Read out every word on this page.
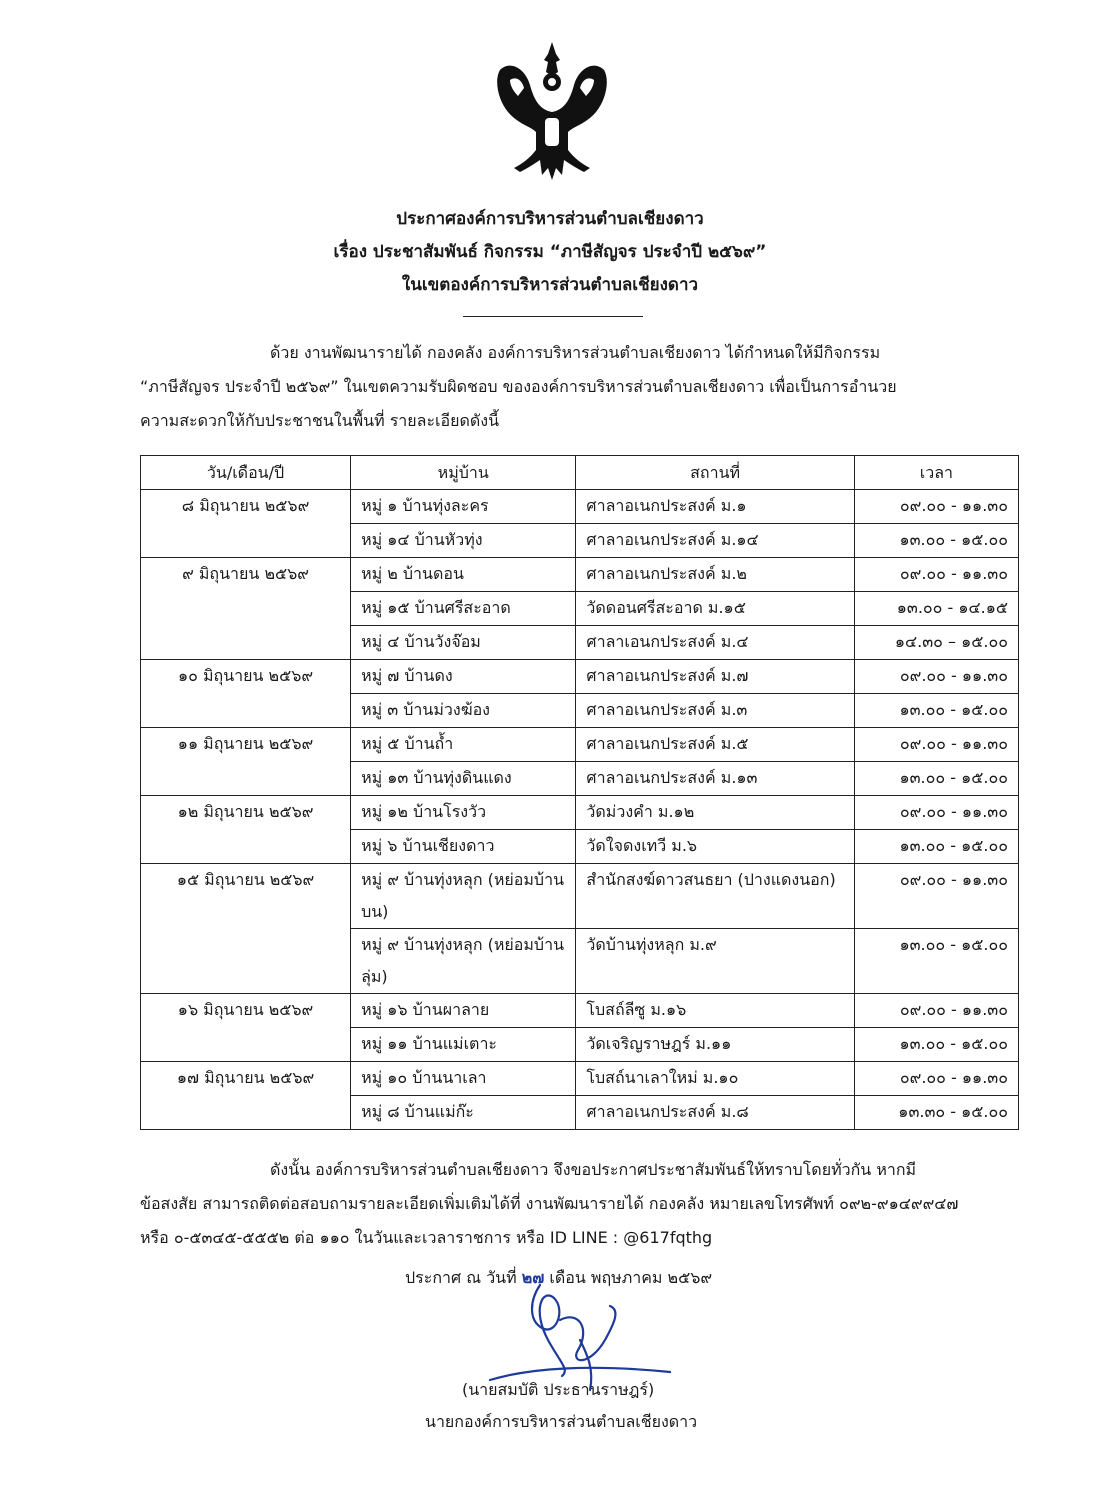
ประกาศองค์การบริหารส่วนตำบลเชียงดาว
เรื่อง ประชาสัมพันธ์ กิจกรรม “ภาษีสัญจร ประจำปี ๒๕๖๙”
ในเขตองค์การบริหารส่วนตำบลเชียงดาว
ด้วย งานพัฒนารายได้ กองคลัง องค์การบริหารส่วนตำบลเชียงดาว ได้กำหนดให้มีกิจกรรม
“ภาษีสัญจร ประจำปี ๒๕๖๙” ในเขตความรับผิดชอบ ขององค์การบริหารส่วนตำบลเชียงดาว เพื่อเป็นการอำนวย
ความสะดวกให้กับประชาชนในพื้นที่ รายละเอียดดังนี้
วัน/เดือน/ปี	หมู่บ้าน	สถานที่	เวลา
๘ มิถุนายน ๒๕๖๙	หมู่ ๑ บ้านทุ่งละคร	ศาลาอเนกประสงค์ ม.๑	๐๙.๐๐ - ๑๑.๓๐
	หมู่ ๑๔ บ้านหัวทุ่ง	ศาลาอเนกประสงค์ ม.๑๔	๑๓.๐๐ - ๑๕.๐๐
๙ มิถุนายน ๒๕๖๙	หมู่ ๒ บ้านดอน	ศาลาอเนกประสงค์ ม.๒	๐๙.๐๐ - ๑๑.๓๐
	หมู่ ๑๕ บ้านศรีสะอาด	วัดดอนศรีสะอาด ม.๑๕	๑๓.๐๐ - ๑๔.๑๕
	หมู่ ๔ บ้านวังจ๊อม	ศาลาเอนกประสงค์ ม.๔	๑๔.๓๐ – ๑๕.๐๐
๑๐ มิถุนายน ๒๕๖๙	หมู่ ๗ บ้านดง	ศาลาอเนกประสงค์ ม.๗	๐๙.๐๐ - ๑๑.๓๐
	หมู่ ๓ บ้านม่วงฆ้อง	ศาลาอเนกประสงค์ ม.๓	๑๓.๐๐ - ๑๕.๐๐
๑๑ มิถุนายน ๒๕๖๙	หมู่ ๕ บ้านถ้ำ	ศาลาอเนกประสงค์ ม.๕	๐๙.๐๐ - ๑๑.๓๐
	หมู่ ๑๓ บ้านทุ่งดินแดง	ศาลาอเนกประสงค์ ม.๑๓	๑๓.๐๐ - ๑๕.๐๐
๑๒ มิถุนายน ๒๕๖๙	หมู่ ๑๒ บ้านโรงวัว	วัดม่วงคำ ม.๑๒	๐๙.๐๐ - ๑๑.๓๐
	หมู่ ๖ บ้านเชียงดาว	วัดใจดงเทวี ม.๖	๑๓.๐๐ - ๑๕.๐๐
๑๕ มิถุนายน ๒๕๖๙	หมู่ ๙ บ้านทุ่งหลุก (หย่อมบ้านบน)	สำนักสงฆ์ดาวสนธยา (ปางแดงนอก)	๐๙.๐๐ - ๑๑.๓๐
	หมู่ ๙ บ้านทุ่งหลุก (หย่อมบ้านลุ่ม)	วัดบ้านทุ่งหลุก ม.๙	๑๓.๐๐ - ๑๕.๐๐
๑๖ มิถุนายน ๒๕๖๙	หมู่ ๑๖ บ้านผาลาย	โบสถ์ลีซู ม.๑๖	๐๙.๐๐ - ๑๑.๓๐
	หมู่ ๑๑ บ้านแม่เตาะ	วัดเจริญราษฎร์ ม.๑๑	๑๓.๐๐ - ๑๕.๐๐
๑๗ มิถุนายน ๒๕๖๙	หมู่ ๑๐ บ้านนาเลา	โบสถ์นาเลาใหม่ ม.๑๐	๐๙.๐๐ - ๑๑.๓๐
	หมู่ ๘ บ้านแม่ก๊ะ	ศาลาอเนกประสงค์ ม.๘	๑๓.๓๐ - ๑๕.๐๐
ดังนั้น องค์การบริหารส่วนตำบลเชียงดาว จึงขอประกาศประชาสัมพันธ์ให้ทราบโดยทั่วกัน หากมี
ข้อสงสัย สามารถติดต่อสอบถามรายละเอียดเพิ่มเติมได้ที่ งานพัฒนารายได้ กองคลัง หมายเลขโทรศัพท์ ๐๙๒-๙๑๔๙๙๔๗
หรือ ๐-๕๓๔๕-๕๕๕๒ ต่อ ๑๑๐ ในวันและเวลาราชการ หรือ ID LINE : @617fqthg
ประกาศ ณ วันที่ ๒๗ เดือน พฤษภาคม ๒๕๖๙
(นายสมบัติ ประธานราษฎร์)
นายกองค์การบริหารส่วนตำบลเชียงดาว
